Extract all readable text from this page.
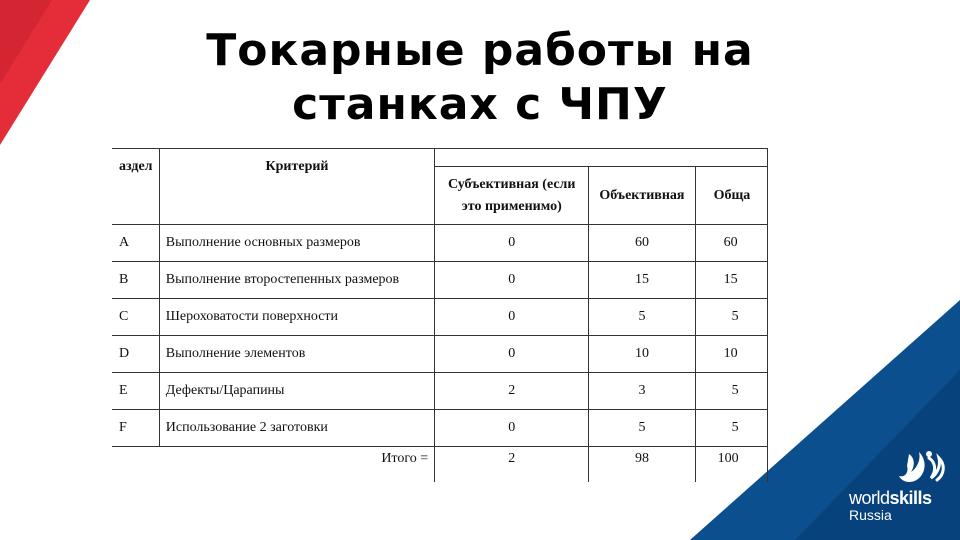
Токарные работы на
станках с ЧПУ
аздел	Критерий			
		Субъективная (если это применимо)	Объективная	Обща
A	Выполнение основных размеров	0	60	60
B	Выполнение второстепенных размеров	0	15	15
C	Шероховатости поверхности	0	5	5
D	Выполнение элементов	0	10	10
E	Дефекты/Царапины	2	3	5
F	Использование 2 заготовки	0	5	5
Итого =		2	98	100
worldskills
Russia
